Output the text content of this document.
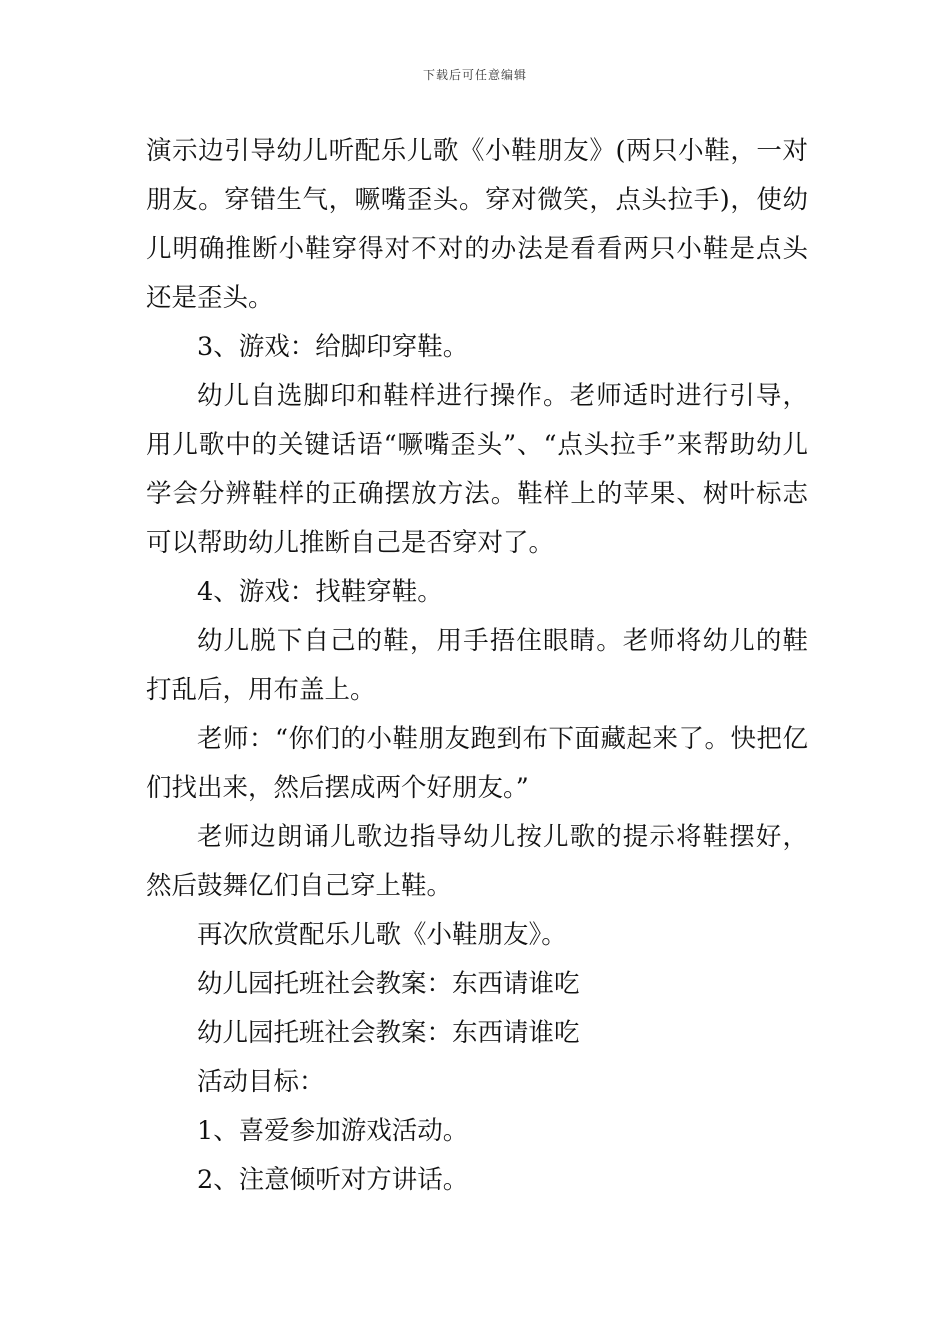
下载后可任意编辑

演示边引导幼儿听配乐儿歌《小鞋朋友》(两只小鞋，一对朋友。穿错生气，噘嘴歪头。穿对微笑，点头拉手)，使幼儿明确推断小鞋穿得对不对的办法是看看两只小鞋是点头还是歪头。

3、游戏：给脚印穿鞋。

幼儿自选脚印和鞋样进行操作。老师适时进行引导，用儿歌中的关键话语“噘嘴歪头”、“点头拉手”来帮助幼儿学会分辨鞋样的正确摆放方法。鞋样上的苹果、树叶标志可以帮助幼儿推断自己是否穿对了。

4、游戏：找鞋穿鞋。

幼儿脱下自己的鞋，用手捂住眼睛。老师将幼儿的鞋打乱后，用布盖上。

老师：“你们的小鞋朋友跑到布下面藏起来了。快把亿们找出来，然后摆成两个好朋友。”

老师边朗诵儿歌边指导幼儿按儿歌的提示将鞋摆好，然后鼓舞亿们自己穿上鞋。

再次欣赏配乐儿歌《小鞋朋友》。

幼儿园托班社会教案：东西请谁吃

幼儿园托班社会教案：东西请谁吃

活动目标：

1、喜爱参加游戏活动。

2、注意倾听对方讲话。
